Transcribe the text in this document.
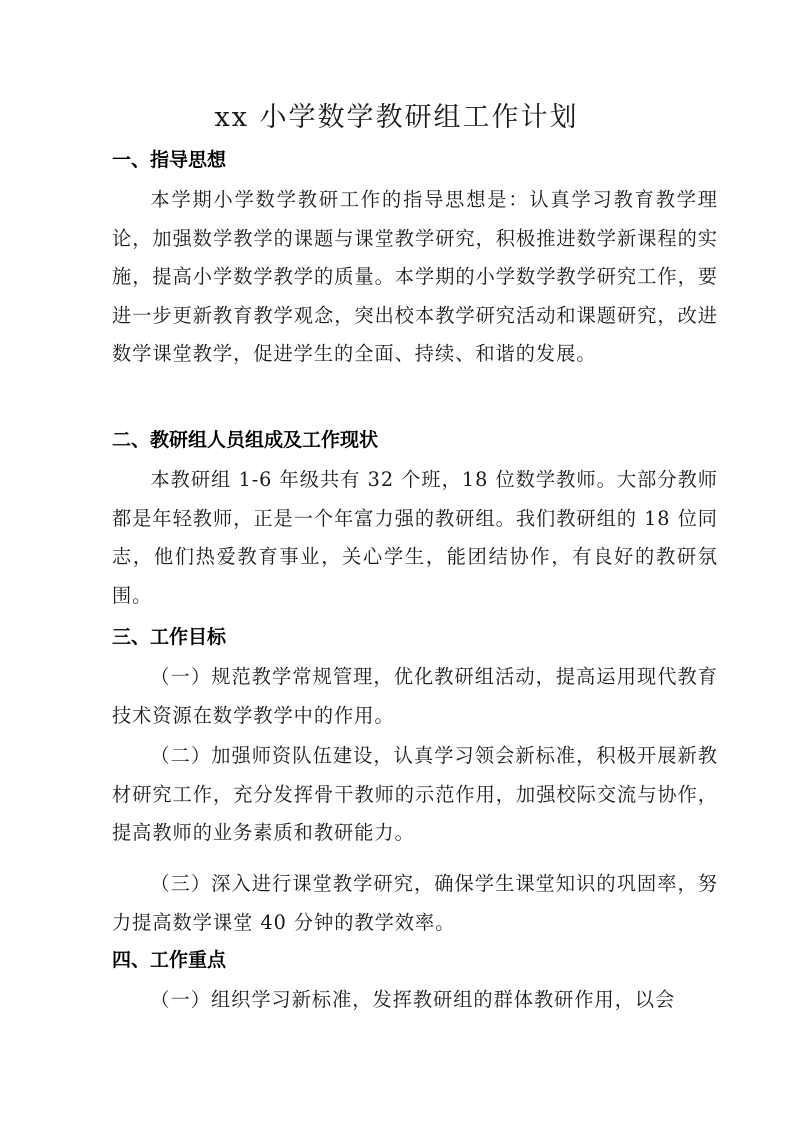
xx 小学数学教研组工作计划
一、指导思想

本学期小学数学教研工作的指导思想是：认真学习教育教学理论，加强数学教学的课题与课堂教学研究，积极推进数学新课程的实施，提高小学数学教学的质量。本学期的小学数学教学研究工作，要进一步更新教育教学观念，突出校本教学研究活动和课题研究，改进数学课堂教学，促进学生的全面、持续、和谐的发展。

二、教研组人员组成及工作现状

本教研组 1-6 年级共有 32 个班，18 位数学教师。大部分教师都是年轻教师，正是一个年富力强的教研组。我们教研组的 18 位同志，他们热爱教育事业，关心学生，能团结协作，有良好的教研氛围。

三、工作目标

（一）规范教学常规管理，优化教研组活动，提高运用现代教育技术资源在数学教学中的作用。

（二）加强师资队伍建设，认真学习领会新标准，积极开展新教材研究工作，充分发挥骨干教师的示范作用，加强校际交流与协作，提高教师的业务素质和教研能力。

（三）深入进行课堂教学研究，确保学生课堂知识的巩固率，努力提高数学课堂 40 分钟的教学效率。

四、工作重点

（一）组织学习新标准，发挥教研组的群体教研作用，以会
